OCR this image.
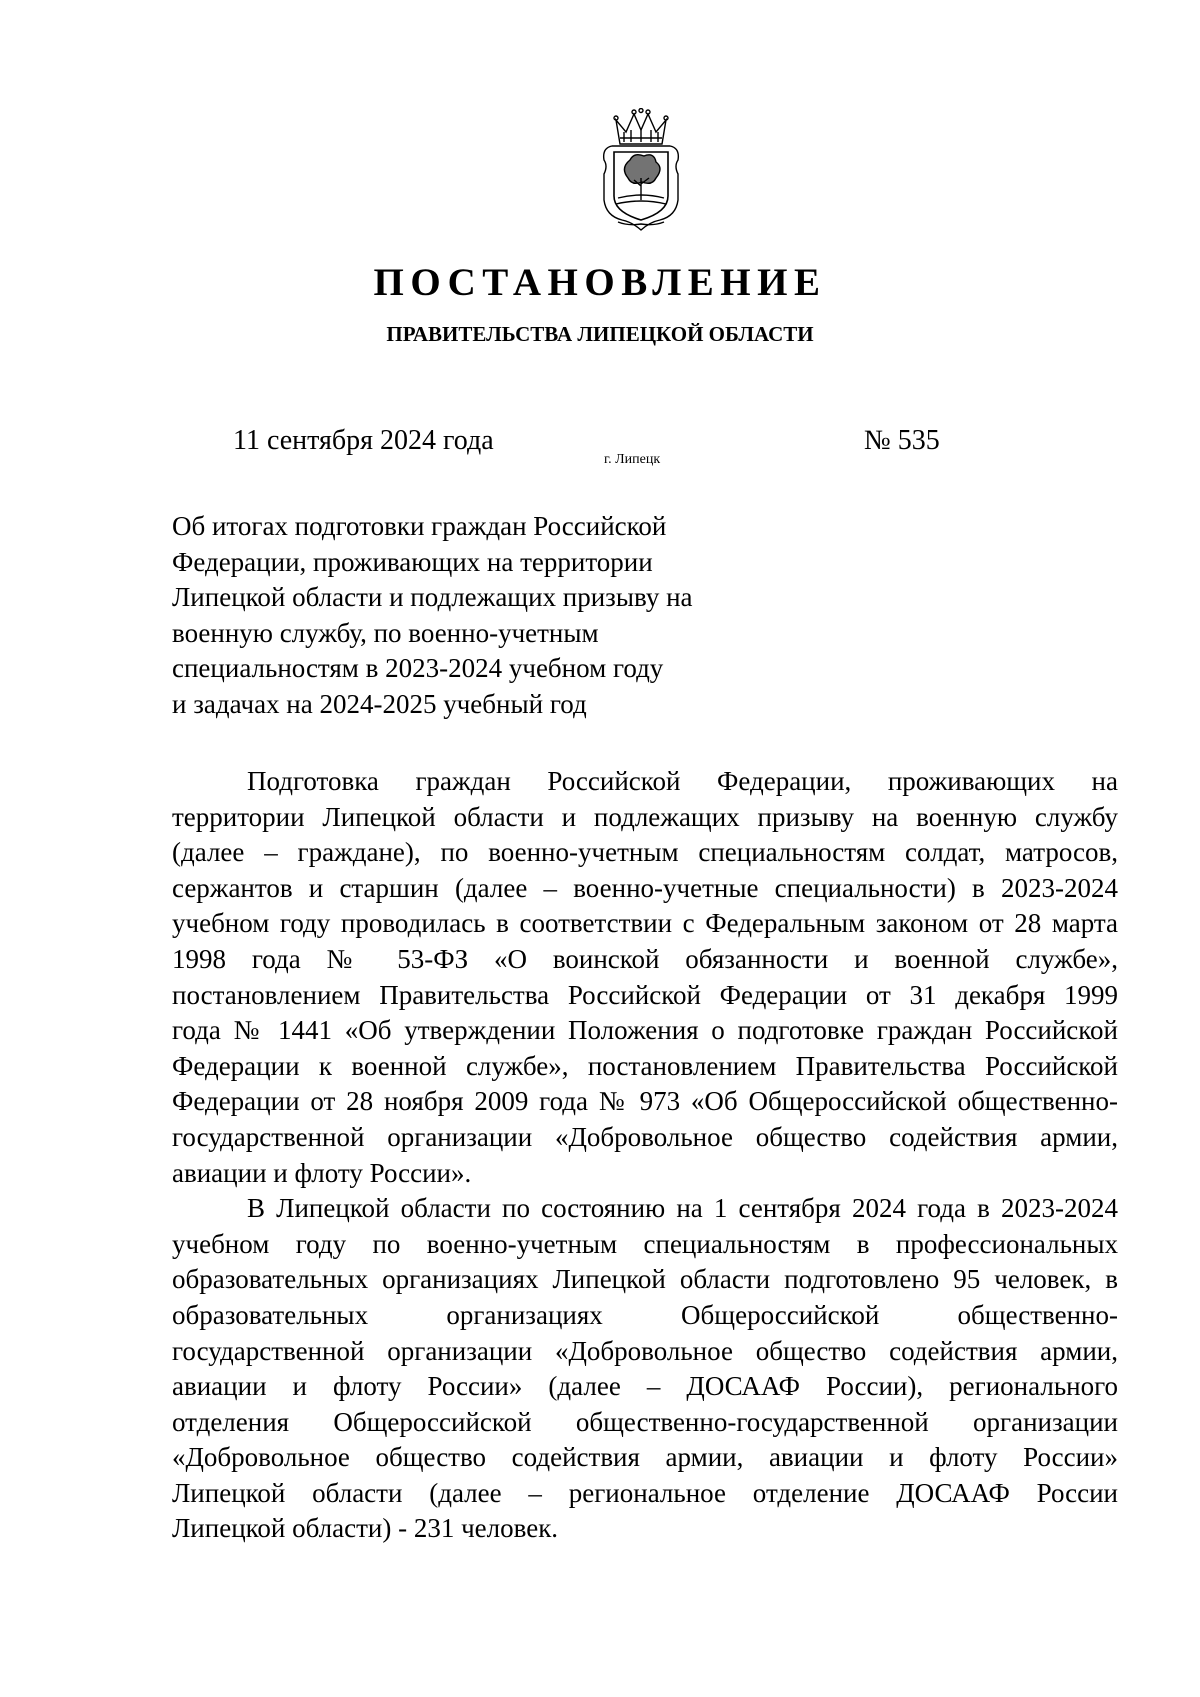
ПОСТАНОВЛЕНИЕ
ПРАВИТЕЛЬСТВА ЛИПЕЦКОЙ ОБЛАСТИ
11 сентября 2024 года
г. Липецк
№ 535
Об итогах подготовки граждан Российской
Федерации, проживающих на территории
Липецкой области и подлежащих призыву на
военную службу, по военно-учетным
специальностям в 2023-2024 учебном году
и задачах на 2024-2025 учебный год
Подготовка граждан Российской Федерации, проживающих на
территории Липецкой области и подлежащих призыву на военную службу
(далее – граждане), по военно-учетным специальностям солдат, матросов,
сержантов и старшин (далее – военно-учетные специальности) в 2023-2024
учебном году проводилась в соответствии с Федеральным законом от 28 марта
1998 года № 53-ФЗ «О воинской обязанности и военной службе»,
постановлением Правительства Российской Федерации от 31 декабря 1999
года № 1441 «Об утверждении Положения о подготовке граждан Российской
Федерации к военной службе», постановлением Правительства Российской
Федерации от 28 ноября 2009 года № 973 «Об Общероссийской общественно-
государственной организации «Добровольное общество содействия армии,
авиации и флоту России».
В Липецкой области по состоянию на 1 сентября 2024 года в 2023-2024
учебном году по военно-учетным специальностям в профессиональных
образовательных организациях Липецкой области подготовлено 95 человек, в
образовательных организациях Общероссийской общественно-
государственной организации «Добровольное общество содействия армии,
авиации и флоту России» (далее – ДОСААФ России), регионального
отделения Общероссийской общественно-государственной организации
«Добровольное общество содействия армии, авиации и флоту России»
Липецкой области (далее – региональное отделение ДОСААФ России
Липецкой области) - 231 человек.
